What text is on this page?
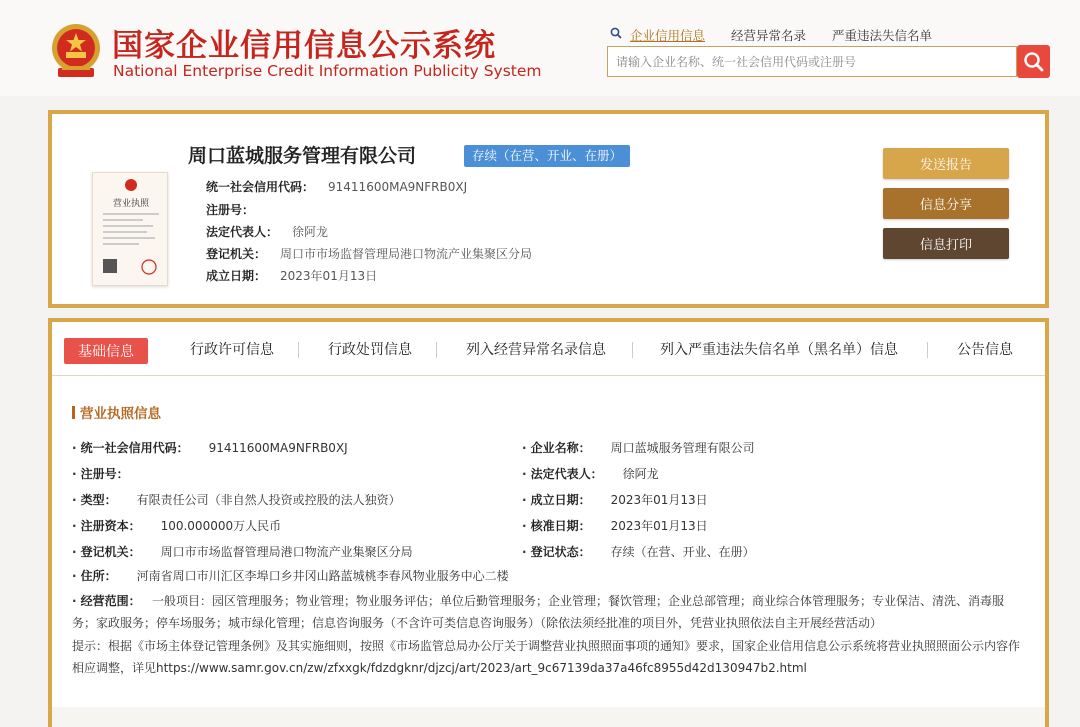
国家企业信用信息公示系统
National Enterprise Credit Information Publicity System
企业信用信息 经营异常名录 严重违法失信名单
请输入企业名称、统一社会信用代码或注册号
营业执照
周口蓝城服务管理有限公司	存续（在营、开业、在册）
统一社会信用代码： 91411600MA9NFRB0XJ
注册号：
法定代表人： 徐阿龙
登记机关： 周口市市场监督管理局港口物流产业集聚区分局
成立日期： 2023年01月13日
发送报告
信息分享
信息打印
基础信息	行政许可信息	行政处罚信息	列入经营异常名录信息	列入严重违法失信名单（黑名单）信息	公告信息
营业执照信息
· 统一社会信用代码： 91411600MA9NFRB0XJ
· 注册号：
· 类型： 有限责任公司（非自然人投资或控股的法人独资）
· 注册资本： 100.000000万人民币
· 登记机关： 周口市市场监督管理局港口物流产业集聚区分局
· 住所： 河南省周口市川汇区李埠口乡井冈山路蓝城桃李春风物业服务中心二楼
· 企业名称： 周口蓝城服务管理有限公司
· 法定代表人： 徐阿龙
· 成立日期： 2023年01月13日
· 核准日期： 2023年01月13日
· 登记状态： 存续（在营、开业、在册）
· 经营范围： 一般项目：园区管理服务；物业管理；物业服务评估；单位后勤管理服务；企业管理；餐饮管理；企业总部管理；商业综合体管理服务；专业保洁、清洗、消毒服务；家政服务；停车场服务；城市绿化管理；信息咨询服务（不含许可类信息咨询服务）（除依法须经批准的项目外，凭营业执照依法自主开展经营活动）
提示：根据《市场主体登记管理条例》及其实施细则，按照《市场监管总局办公厅关于调整营业执照照面事项的通知》要求，国家企业信用信息公示系统将营业执照照面公示内容作相应调整，详见https://www.samr.gov.cn/zw/zfxxgk/fdzdgknr/djzcj/art/2023/art_9c67139da37a46fc8955d42d130947b2.html
